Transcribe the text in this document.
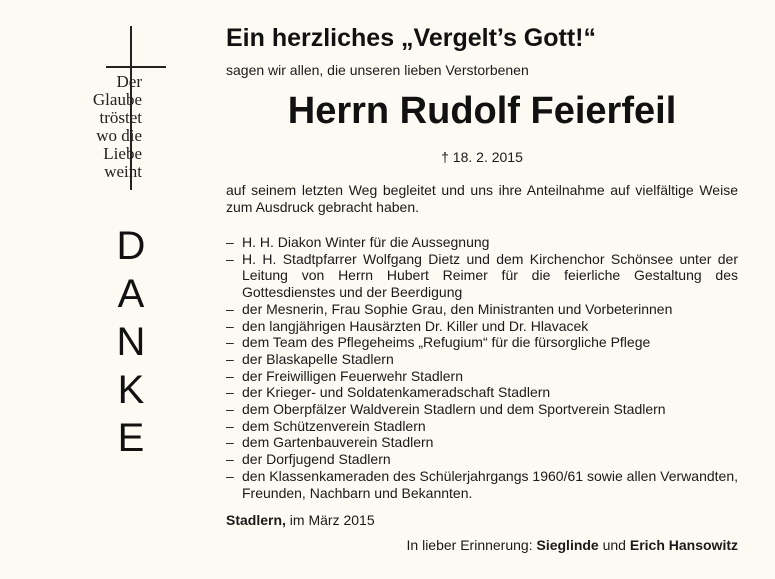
Der
Glaube
tröstet
wo die
Liebe
weint
D
A
N
K
E
Ein herzliches „Vergelt’s Gott!“
sagen wir allen, die unseren lieben Verstorbenen
Herrn Rudolf Feierfeil
† 18. 2. 2015
auf seinem letzten Weg begleitet und uns ihre Anteilnahme auf vielfältige Weise zum Ausdruck gebracht haben.
– H. H. Diakon Winter für die Aussegnung
– H. H. Stadtpfarrer Wolfgang Dietz und dem Kirchenchor Schönsee unter der Leitung von Herrn Hubert Reimer für die feierliche Gestaltung des Gottesdienstes und der Beerdigung
– der Mesnerin, Frau Sophie Grau, den Ministranten und Vorbeterinnen
– den langjährigen Hausärzten Dr. Killer und Dr. Hlavacek
– dem Team des Pflegeheims „Refugium“ für die fürsorgliche Pflege
– der Blaskapelle Stadlern
– der Freiwilligen Feuerwehr Stadlern
– der Krieger- und Soldatenkameradschaft Stadlern
– dem Oberpfälzer Waldverein Stadlern und dem Sportverein Stadlern
– dem Schützenverein Stadlern
– dem Gartenbauverein Stadlern
– der Dorfjugend Stadlern
– den Klassenkameraden des Schülerjahrgangs 1960/61 sowie allen Verwandten, Freunden, Nachbarn und Bekannten.
Stadlern, im März 2015
In lieber Erinnerung: Sieglinde und Erich Hansowitz
